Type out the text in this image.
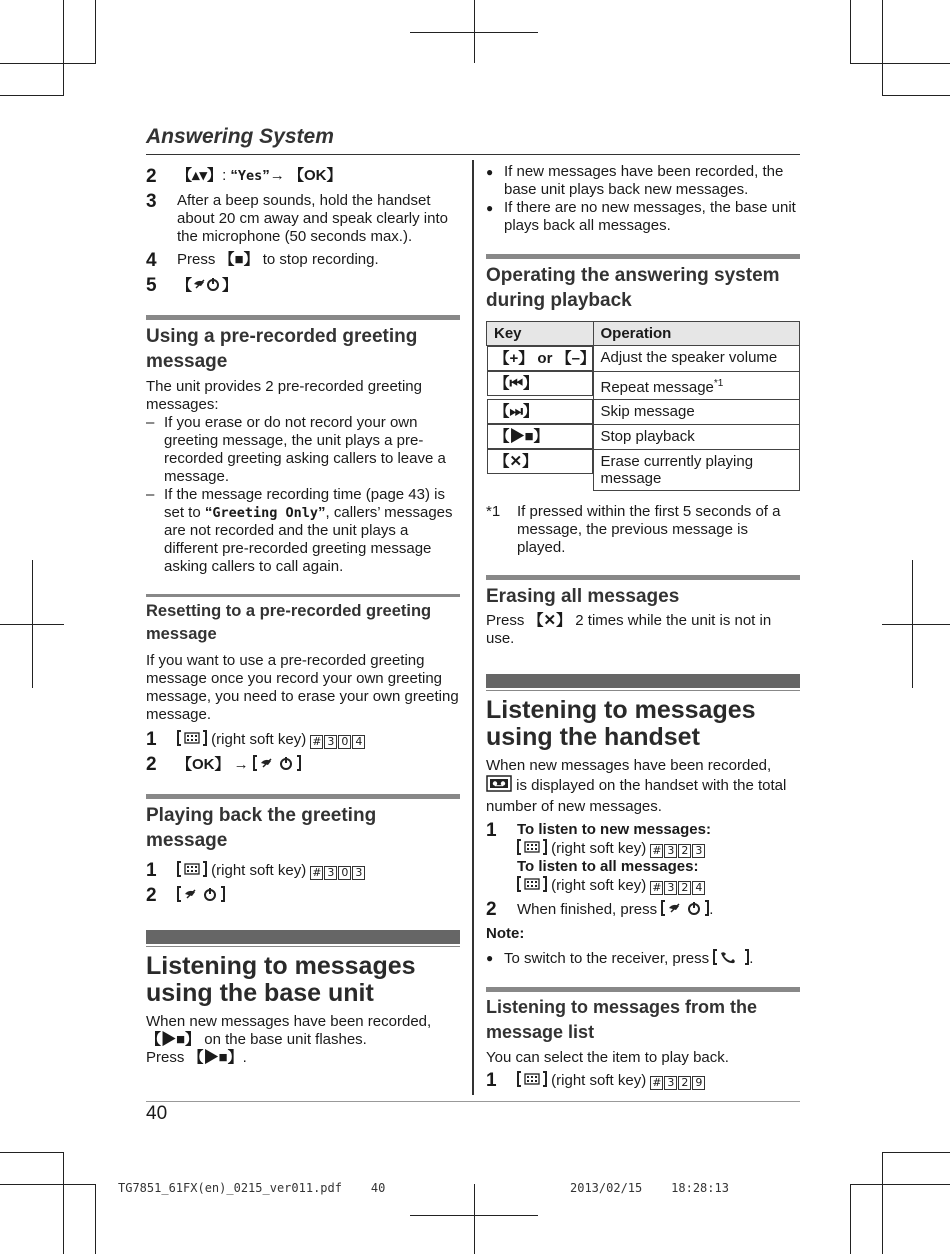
Answering System
2	【▴▾】: “Yes”→ 【OK】
3	After a beep sounds, hold the handset about 20 cm away and speak clearly into the microphone (50 seconds max.).
4	Press 【■】 to stop recording.
5	【 】
Using a pre-recorded greeting message

The unit provides 2 pre-recorded greeting messages:

– If you erase or do not record your own greeting message, the unit plays a pre-recorded greeting asking callers to leave a message.
– If the message recording time (page 43) is set to “Greeting Only”, callers’ messages are not recorded and the unit plays a different pre-recorded greeting message asking callers to call again.
Resetting to a pre-recorded greeting message

If you want to use a pre-recorded greeting message once you record your own greeting message, you need to erase your own greeting message.

1	(right soft key) # 3 0 4
2	【OK】 →
Playing back the greeting message
1	(right soft key) # 3 0 3
2
Listening to messages using the base unit

When new messages have been recorded,

【▶■】 on the base unit flashes.

Press 【▶■】.

● If new messages have been recorded, the base unit plays back new messages.
● If there are no new messages, the base unit plays back all messages.
Operating the answering system during playback
Key	Operation
【+】 or 【–】 Adjust the speaker volume
【⏮】	Repeat message$^{*1}$
【⏭】	Skip message
【▶■】	Stop playback
【✕】	Erase currently playing message
*1	If pressed within the first 5 seconds of a message, the previous message is played.
Erasing all messages

Press 【✕】 2 times while the unit is not in use.

Listening to messages using the handset

When new messages have been recorded,

is displayed on the handset with the total number of new messages.

1	To listen to new messages:
(right soft key) # 3 2 3
To listen to all messages:
(right soft key) # 3 2 4
2	When finished, press	.

Note:

● To switch to the receiver, press .
Listening to messages from the message list

You can select the item to play back.

1	(right soft key) # 3 2 9
40
TG7851_61FX(en)_0215_ver011.pdf    40	2013/02/15    18:28:13
